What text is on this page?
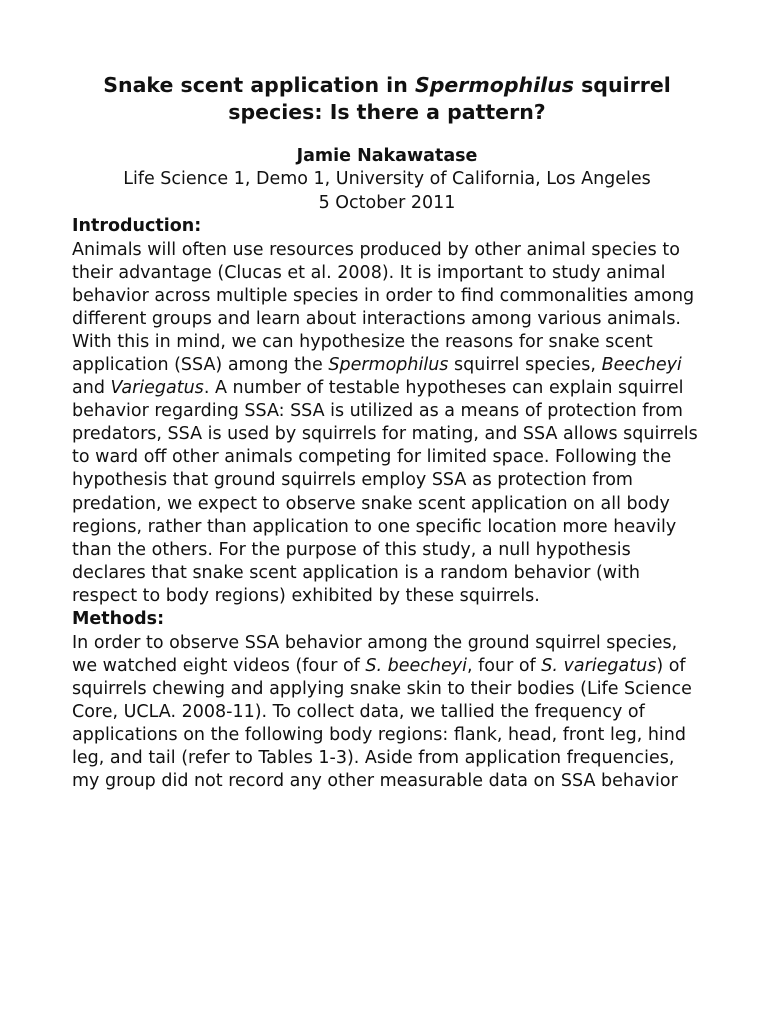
Snake scent application in Spermophilus squirrel species: Is there a pattern?
Jamie Nakawatase
Life Science 1, Demo 1, University of California, Los Angeles
5 October 2011
Introduction:

Animals will often use resources produced by other animal species to their advantage (Clucas et al. 2008). It is important to study animal behavior across multiple species in order to find commonalities among different groups and learn about interactions among various animals. With this in mind, we can hypothesize the reasons for snake scent application (SSA) among the Spermophilus squirrel species, Beecheyi and Variegatus. A number of testable hypotheses can explain squirrel behavior regarding SSA: SSA is utilized as a means of protection from predators, SSA is used by squirrels for mating, and SSA allows squirrels to ward off other animals competing for limited space. Following the hypothesis that ground squirrels employ SSA as protection from predation, we expect to observe snake scent application on all body regions, rather than application to one specific location more heavily than the others. For the purpose of this study, a null hypothesis declares that snake scent application is a random behavior (with respect to body regions) exhibited by these squirrels.

Methods:

In order to observe SSA behavior among the ground squirrel species, we watched eight videos (four of S. beecheyi, four of S. variegatus) of squirrels chewing and applying snake skin to their bodies (Life Science Core, UCLA. 2008-11). To collect data, we tallied the frequency of applications on the following body regions: flank, head, front leg, hind leg, and tail (refer to Tables 1-3). Aside from application frequencies, my group did not record any other measurable data on SSA behavior
